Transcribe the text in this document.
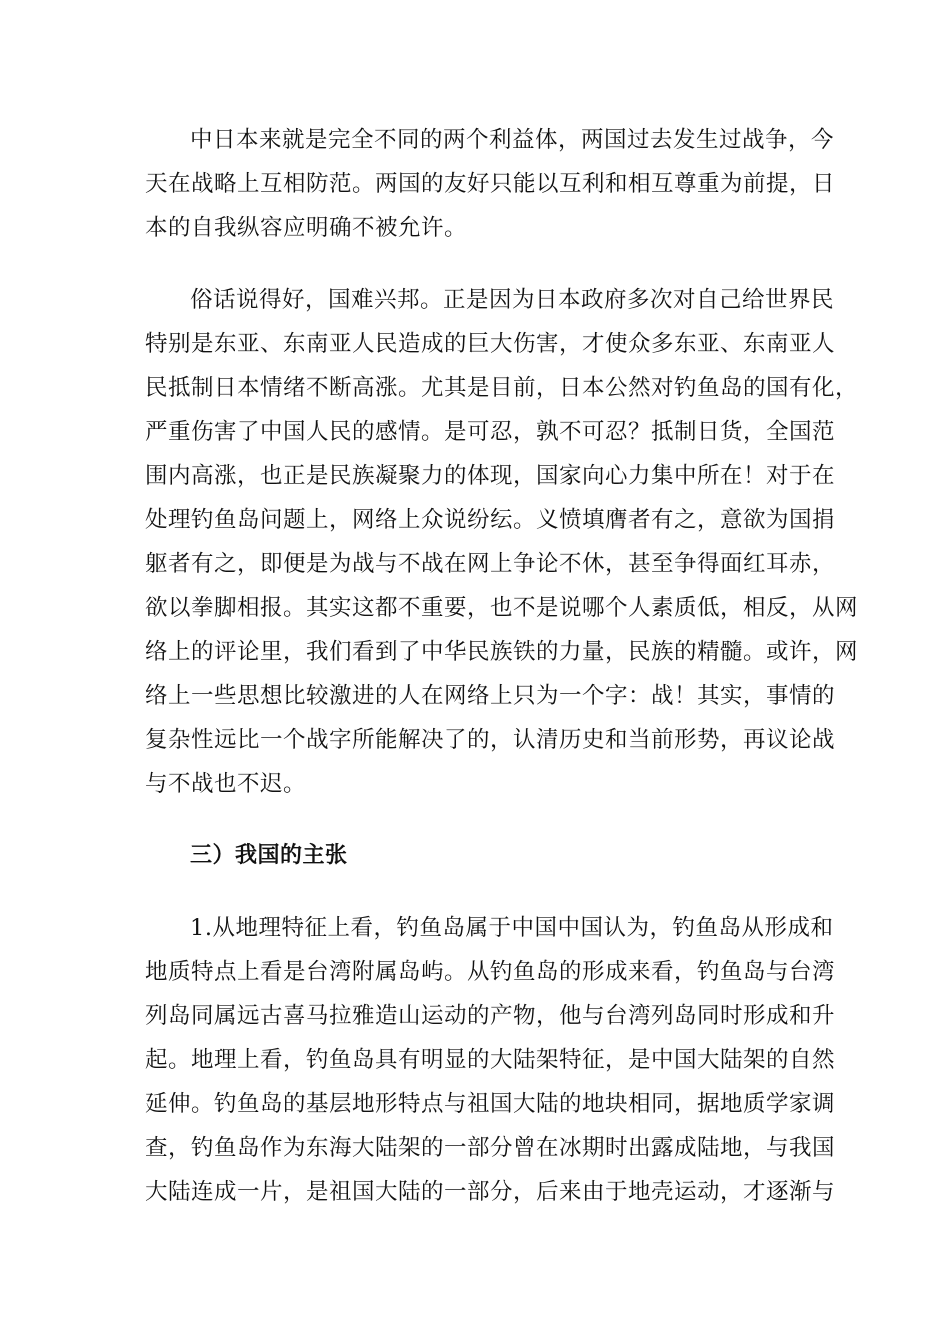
中日本来就是完全不同的两个利益体，两国过去发生过战争，今
天在战略上互相防范。两国的友好只能以互利和相互尊重为前提，日
本的自我纵容应明确不被允许。
俗话说得好，国难兴邦。正是因为日本政府多次对自己给世界民
特别是东亚、东南亚人民造成的巨大伤害，才使众多东亚、东南亚人
民抵制日本情绪不断高涨。尤其是目前，日本公然对钓鱼岛的国有化，
严重伤害了中国人民的感情。是可忍，孰不可忍？抵制日货，全国范
围内高涨，也正是民族凝聚力的体现，国家向心力集中所在！对于在
处理钓鱼岛问题上，网络上众说纷纭。义愤填膺者有之，意欲为国捐
躯者有之，即便是为战与不战在网上争论不休，甚至争得面红耳赤，
欲以拳脚相报。其实这都不重要，也不是说哪个人素质低，相反，从网
络上的评论里，我们看到了中华民族铁的力量，民族的精髓。或许，网
络上一些思想比较激进的人在网络上只为一个字：战！其实，事情的
复杂性远比一个战字所能解决了的，认清历史和当前形势，再议论战
与不战也不迟。
三）我国的主张
1.从地理特征上看，钓鱼岛属于中国中国认为，钓鱼岛从形成和
地质特点上看是台湾附属岛屿。从钓鱼岛的形成来看，钓鱼岛与台湾
列岛同属远古喜马拉雅造山运动的产物，他与台湾列岛同时形成和升
起。地理上看，钓鱼岛具有明显的大陆架特征，是中国大陆架的自然
延伸。钓鱼岛的基层地形特点与祖国大陆的地块相同，据地质学家调
查，钓鱼岛作为东海大陆架的一部分曾在冰期时出露成陆地，与我国
大陆连成一片，是祖国大陆的一部分，后来由于地壳运动，才逐渐与
